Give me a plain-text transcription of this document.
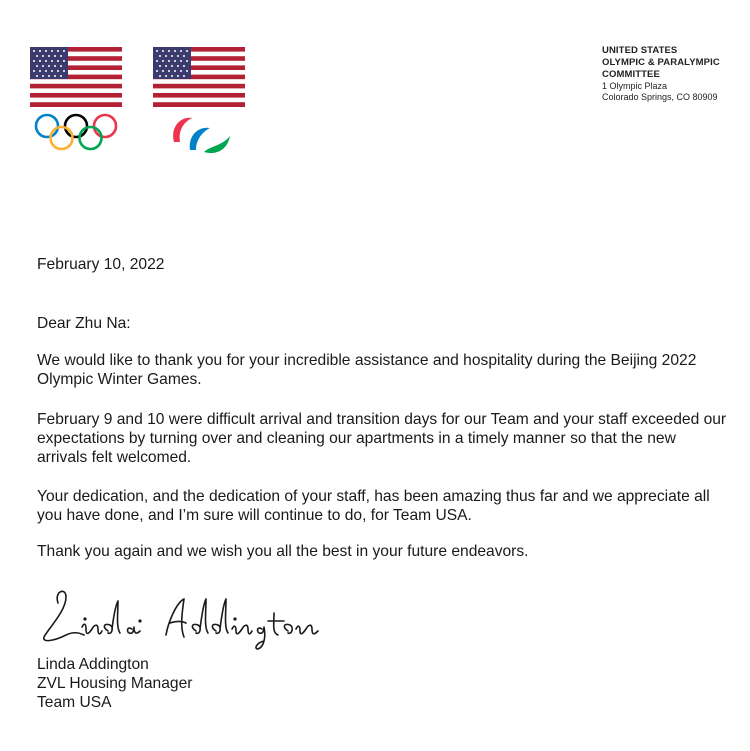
UNITED STATES
OLYMPIC & PARALYMPIC
COMMITTEE
1 Olympic Plaza
Colorado Springs, CO 80909
February 10, 2022
Dear Zhu Na:
We would like to thank you for your incredible assistance and hospitality during the Beijing 2022 Olympic Winter Games.
February 9 and 10 were difficult arrival and transition days for our Team and your staff exceeded our expectations by turning over and cleaning our apartments in a timely manner so that the new arrivals felt welcomed.
Your dedication, and the dedication of your staff, has been amazing thus far and we appreciate all you have done, and I’m sure will continue to do, for Team USA.
Thank you again and we wish you all the best in your future endeavors.
Linda Addington
ZVL Housing Manager
Team USA
